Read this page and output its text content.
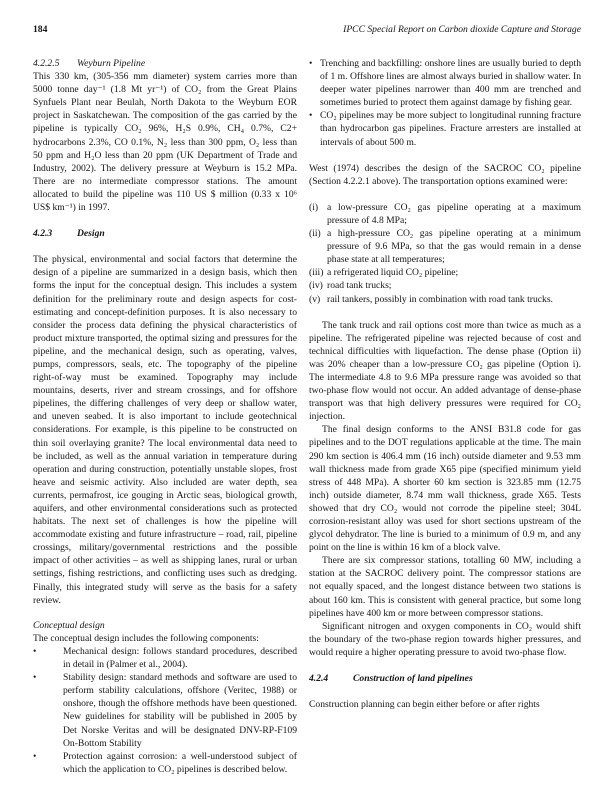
184	IPCC Special Report on Carbon dioxide Capture and Storage
4.2.2.5 Weyburn Pipeline

This 330 km, (305-356 mm diameter) system carries more than 5000 tonne day⁻¹ (1.8 Mt yr⁻¹) of CO₂ from the Great Plains Synfuels Plant near Beulah, North Dakota to the Weyburn EOR project in Saskatchewan. The composition of the gas carried by the pipeline is typically CO₂ 96%, H₂S 0.9%, CH₄ 0.7%, C2+ hydrocarbons 2.3%, CO 0.1%, N₂ less than 300 ppm, O₂ less than 50 ppm and H₂O less than 20 ppm (UK Department of Trade and Industry, 2002). The delivery pressure at Weyburn is 15.2 MPa. There are no intermediate compressor stations. The amount allocated to build the pipeline was 110 US $ million (0.33 x 10⁶ US$ km⁻¹) in 1997.

4.2.3	Design

The physical, environmental and social factors that determine the design of a pipeline are summarized in a design basis, which then forms the input for the conceptual design. This includes a system definition for the preliminary route and design aspects for cost-estimating and concept-definition purposes. It is also necessary to consider the process data defining the physical characteristics of product mixture transported, the optimal sizing and pressures for the pipeline, and the mechanical design, such as operating, valves, pumps, compressors, seals, etc. The topography of the pipeline right-of-way must be examined. Topography may include mountains, deserts, river and stream crossings, and for offshore pipelines, the differing challenges of very deep or shallow water, and uneven seabed. It is also important to include geotechnical considerations. For example, is this pipeline to be constructed on thin soil overlaying granite? The local environmental data need to be included, as well as the annual variation in temperature during operation and during construction, potentially unstable slopes, frost heave and seismic activity. Also included are water depth, sea currents, permafrost, ice gouging in Arctic seas, biological growth, aquifers, and other environmental considerations such as protected habitats. The next set of challenges is how the pipeline will accommodate existing and future infrastructure – road, rail, pipeline crossings, military/governmental restrictions and the possible impact of other activities – as well as shipping lanes, rural or urban settings, fishing restrictions, and conflicting uses such as dredging. Finally, this integrated study will serve as the basis for a safety review.

Conceptual design

The conceptual design includes the following components:

•	Mechanical design: follows standard procedures, described in detail in (Palmer et al., 2004).
•	Stability design: standard methods and software are used to perform stability calculations, offshore (Veritec, 1988) or onshore, though the offshore methods have been questioned. New guidelines for stability will be published in 2005 by Det Norske Veritas and will be designated DNV-RP-F109 On-Bottom Stability
•	Protection against corrosion: a well-understood subject of which the application to CO₂ pipelines is described below.
• Trenching and backfilling: onshore lines are usually buried to depth of 1 m. Offshore lines are almost always buried in shallow water. In deeper water pipelines narrower than 400 mm are trenched and sometimes buried to protect them against damage by fishing gear.
• CO₂ pipelines may be more subject to longitudinal running fracture than hydrocarbon gas pipelines. Fracture arresters are installed at intervals of about 500 m.

West (1974) describes the design of the SACROC CO₂ pipeline (Section 4.2.2.1 above). The transportation options examined were:

(i) a low-pressure CO₂ gas pipeline operating at a maximum pressure of 4.8 MPa;
(ii) a high-pressure CO₂ gas pipeline operating at a minimum pressure of 9.6 MPa, so that the gas would remain in a dense phase state at all temperatures;
(iii) a refrigerated liquid CO₂ pipeline;
(iv) road tank trucks;
(v) rail tankers, possibly in combination with road tank trucks.

The tank truck and rail options cost more than twice as much as a pipeline. The refrigerated pipeline was rejected because of cost and technical difficulties with liquefaction. The dense phase (Option ii) was 20% cheaper than a low-pressure CO₂ gas pipeline (Option i). The intermediate 4.8 to 9.6 MPa pressure range was avoided so that two-phase flow would not occur. An added advantage of dense-phase transport was that high delivery pressures were required for CO₂ injection.

The final design conforms to the ANSI B31.8 code for gas pipelines and to the DOT regulations applicable at the time. The main 290 km section is 406.4 mm (16 inch) outside diameter and 9.53 mm wall thickness made from grade X65 pipe (specified minimum yield stress of 448 MPa). A shorter 60 km section is 323.85 mm (12.75 inch) outside diameter, 8.74 mm wall thickness, grade X65. Tests showed that dry CO₂ would not corrode the pipeline steel; 304L corrosion-resistant alloy was used for short sections upstream of the glycol dehydrator. The line is buried to a minimum of 0.9 m, and any point on the line is within 16 km of a block valve.

There are six compressor stations, totalling 60 MW, including a station at the SACROC delivery point. The compressor stations are not equally spaced, and the longest distance between two stations is about 160 km. This is consistent with general practice, but some long pipelines have 400 km or more between compressor stations.

Significant nitrogen and oxygen components in CO₂ would shift the boundary of the two-phase region towards higher pressures, and would require a higher operating pressure to avoid two-phase flow.

4.2.4	Construction of land pipelines

Construction planning can begin either before or after rights
